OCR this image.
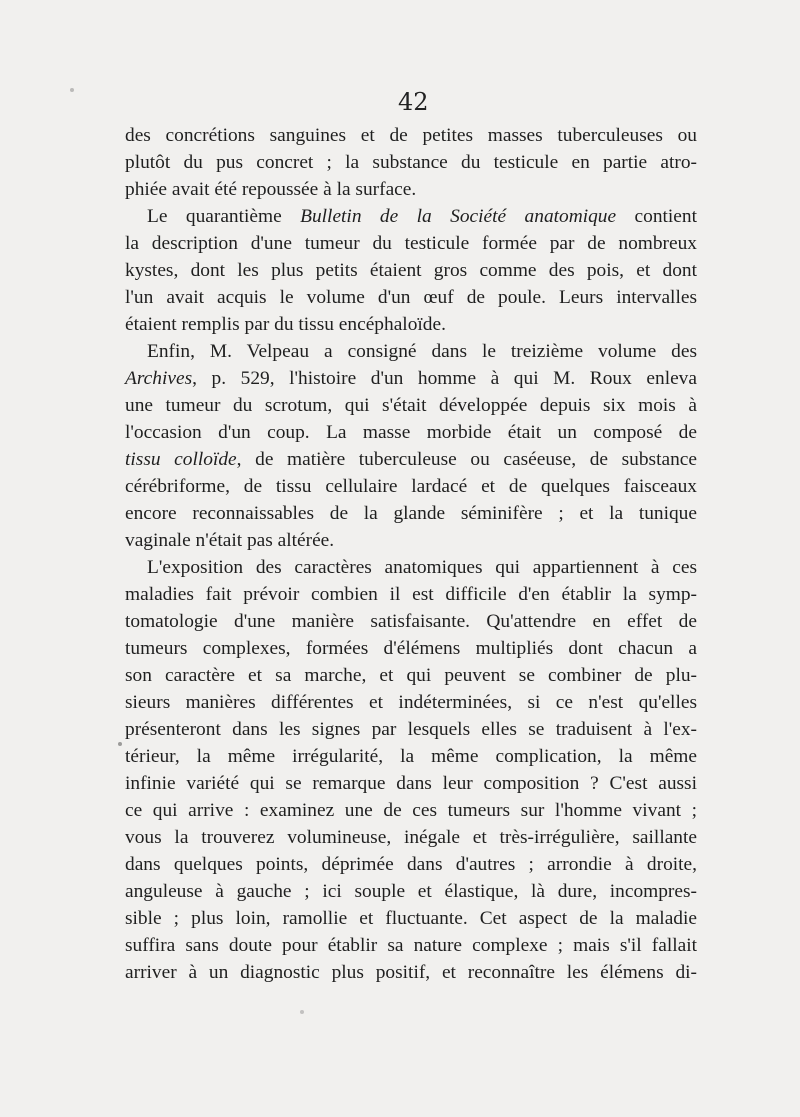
42
des concrétions sanguines et de petites masses tuberculeuses ou
plutôt du pus concret ; la substance du testicule en partie atro-
phiée avait été repoussée à la surface.
Le quarantième Bulletin de la Société anatomique contient
la description d'une tumeur du testicule formée par de nombreux
kystes, dont les plus petits étaient gros comme des pois, et dont
l'un avait acquis le volume d'un œuf de poule. Leurs intervalles
étaient remplis par du tissu encéphaloïde.
Enfin, M. Velpeau a consigné dans le treizième volume des
Archives, p. 529, l'histoire d'un homme à qui M. Roux enleva
une tumeur du scrotum, qui s'était développée depuis six mois à
l'occasion d'un coup. La masse morbide était un composé de
tissu colloïde, de matière tuberculeuse ou caséeuse, de substance
cérébriforme, de tissu cellulaire lardacé et de quelques faisceaux
encore reconnaissables de la glande séminifère ; et la tunique
vaginale n'était pas altérée.
L'exposition des caractères anatomiques qui appartiennent à ces
maladies fait prévoir combien il est difficile d'en établir la symp-
tomatologie d'une manière satisfaisante. Qu'attendre en effet de
tumeurs complexes, formées d'élémens multipliés dont chacun a
son caractère et sa marche, et qui peuvent se combiner de plu-
sieurs manières différentes et indéterminées, si ce n'est qu'elles
présenteront dans les signes par lesquels elles se traduisent à l'ex-
térieur, la même irrégularité, la même complication, la même
infinie variété qui se remarque dans leur composition ? C'est aussi
ce qui arrive : examinez une de ces tumeurs sur l'homme vivant ;
vous la trouverez volumineuse, inégale et très-irrégulière, saillante
dans quelques points, déprimée dans d'autres ; arrondie à droite,
anguleuse à gauche ; ici souple et élastique, là dure, incompres-
sible ; plus loin, ramollie et fluctuante. Cet aspect de la maladie
suffira sans doute pour établir sa nature complexe ; mais s'il fallait
arriver à un diagnostic plus positif, et reconnaître les élémens di-
